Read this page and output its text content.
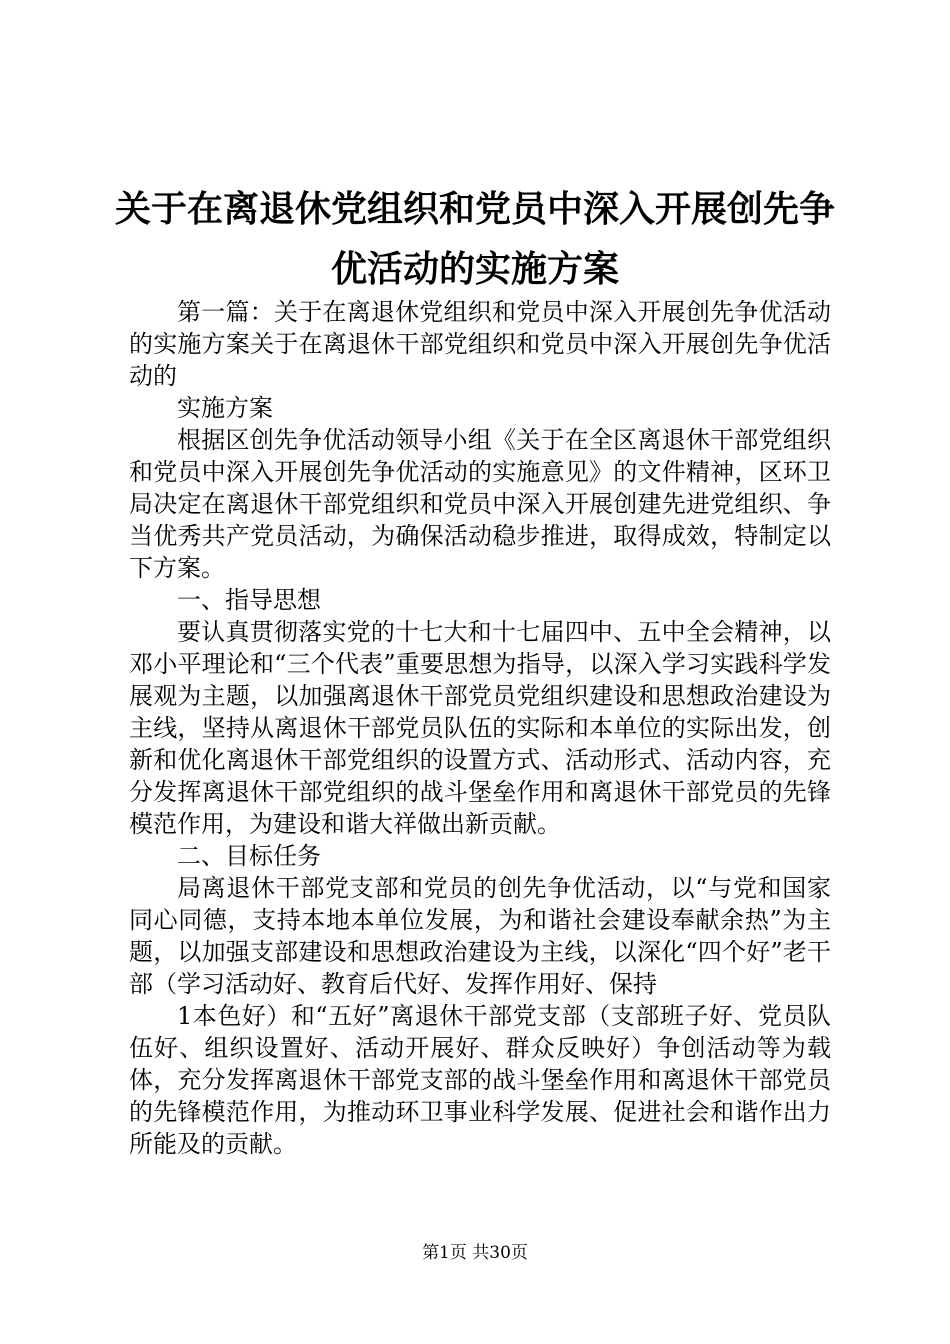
关于在离退休党组织和党员中深入开展创先争
优活动的实施方案

第一篇：关于在离退休党组织和党员中深入开展创先争优活动的实施方案关于在离退休干部党组织和党员中深入开展创先争优活动的

实施方案

根据区创先争优活动领导小组《关于在全区离退休干部党组织和党员中深入开展创先争优活动的实施意见》的文件精神，区环卫局决定在离退休干部党组织和党员中深入开展创建先进党组织、争当优秀共产党员活动，为确保活动稳步推进，取得成效，特制定以下方案。

一、指导思想

要认真贯彻落实党的十七大和十七届四中、五中全会精神，以邓小平理论和“三个代表”重要思想为指导，以深入学习实践科学发展观为主题，以加强离退休干部党员党组织建设和思想政治建设为主线，坚持从离退休干部党员队伍的实际和本单位的实际出发，创新和优化离退休干部党组织的设置方式、活动形式、活动内容，充分发挥离退休干部党组织的战斗堡垒作用和离退休干部党员的先锋模范作用，为建设和谐大祥做出新贡献。

二、目标任务

局离退休干部党支部和党员的创先争优活动，以“与党和国家同心同德，支持本地本单位发展，为和谐社会建设奉献余热”为主题，以加强支部建设和思想政治建设为主线，以深化“四个好”老干部（学习活动好、教育后代好、发挥作用好、保持

1本色好）和“五好”离退休干部党支部（支部班子好、党员队伍好、组织设置好、活动开展好、群众反映好）争创活动等为载体，充分发挥离退休干部党支部的战斗堡垒作用和离退休干部党员的先锋模范作用，为推动环卫事业科学发展、促进社会和谐作出力所能及的贡献。

第1页 共30页
